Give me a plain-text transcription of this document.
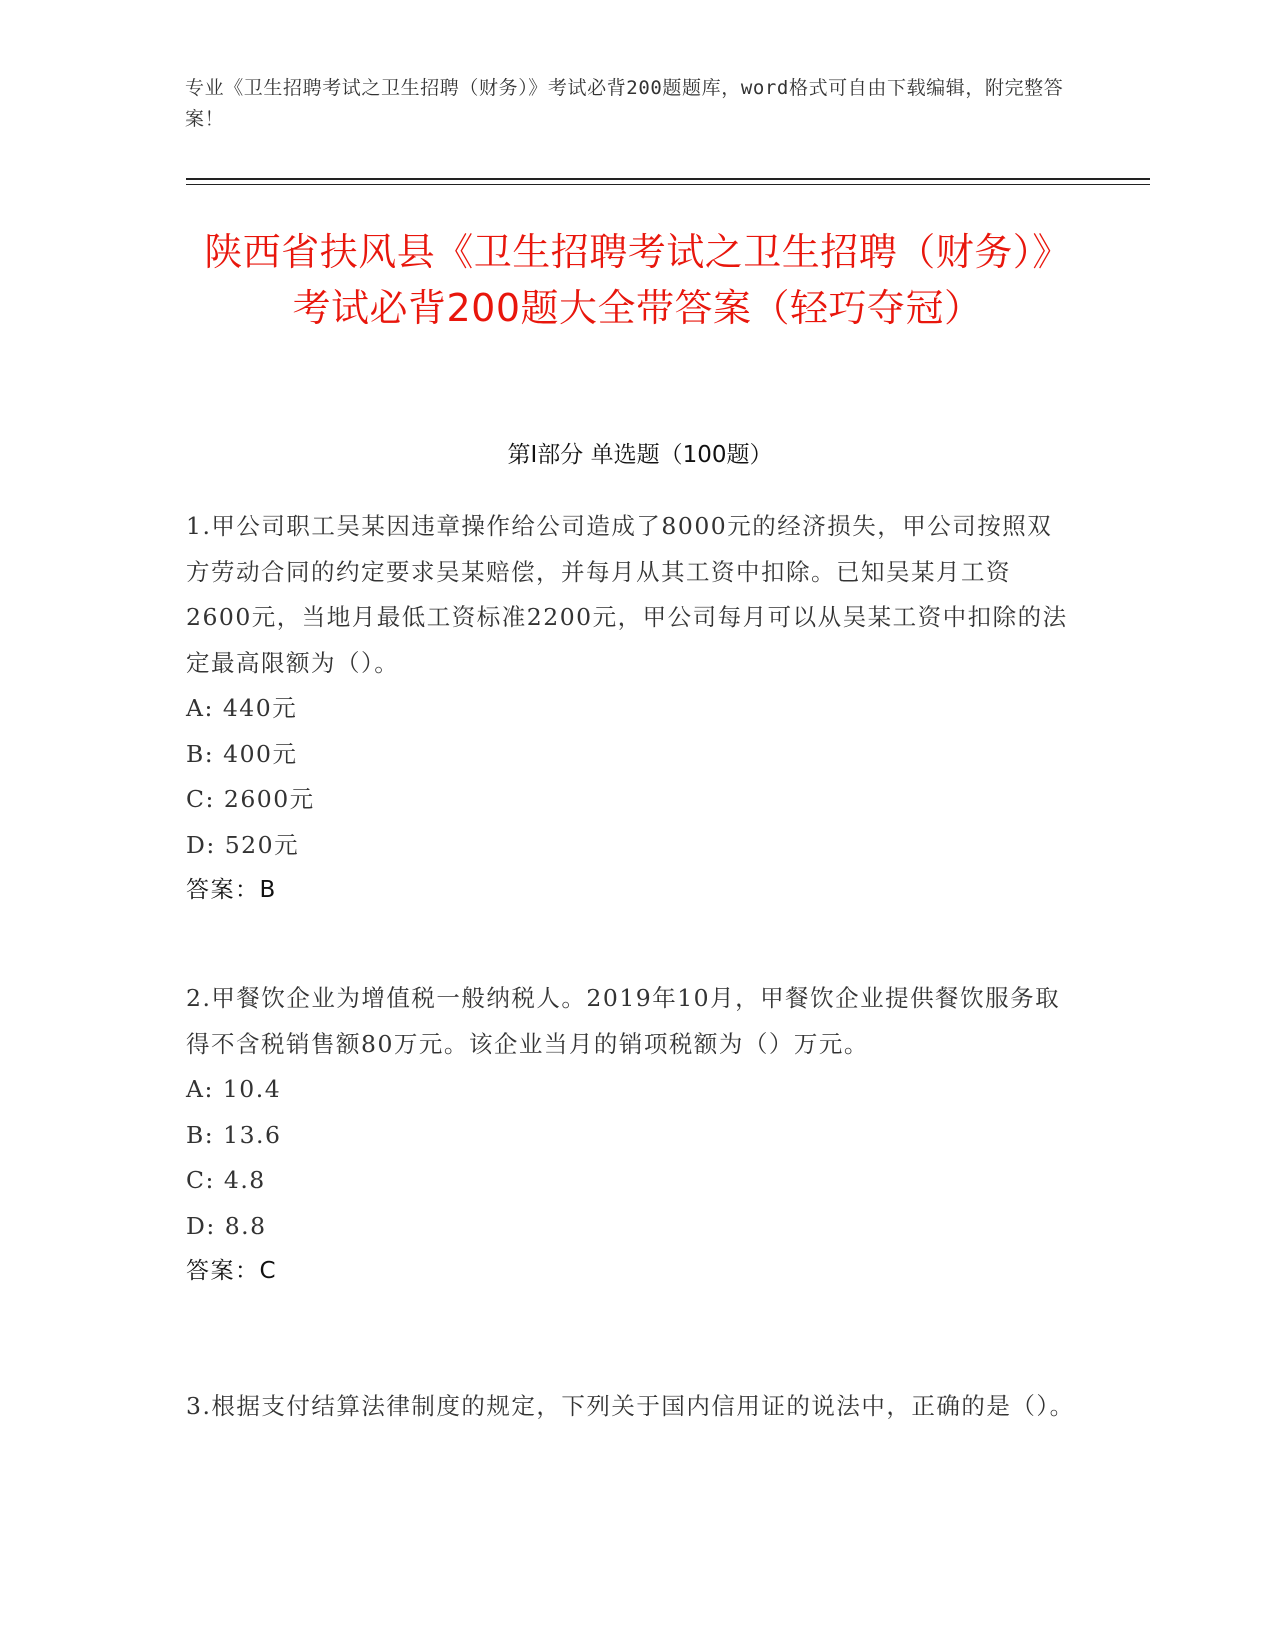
专业《卫生招聘考试之卫生招聘（财务）》考试必背200题题库，word格式可自由下载编辑，附完整答案！
陕西省扶风县《卫生招聘考试之卫生招聘（财务）》考试必背200题大全带答案（轻巧夺冠）
第I部分 单选题（100题）
1.甲公司职工吴某因违章操作给公司造成了8000元的经济损失，甲公司按照双方劳动合同的约定要求吴某赔偿，并每月从其工资中扣除。已知吴某月工资2600元，当地月最低工资标准2200元，甲公司每月可以从吴某工资中扣除的法定最高限额为（）。
A: 440元
B: 400元
C: 2600元
D: 520元
答案：B
2.甲餐饮企业为增值税一般纳税人。2019年10月，甲餐饮企业提供餐饮服务取得不含税销售额80万元。该企业当月的销项税额为（）万元。
A: 10.4
B: 13.6
C: 4.8
D: 8.8
答案：C
3.根据支付结算法律制度的规定，下列关于国内信用证的说法中，正确的是（）。
